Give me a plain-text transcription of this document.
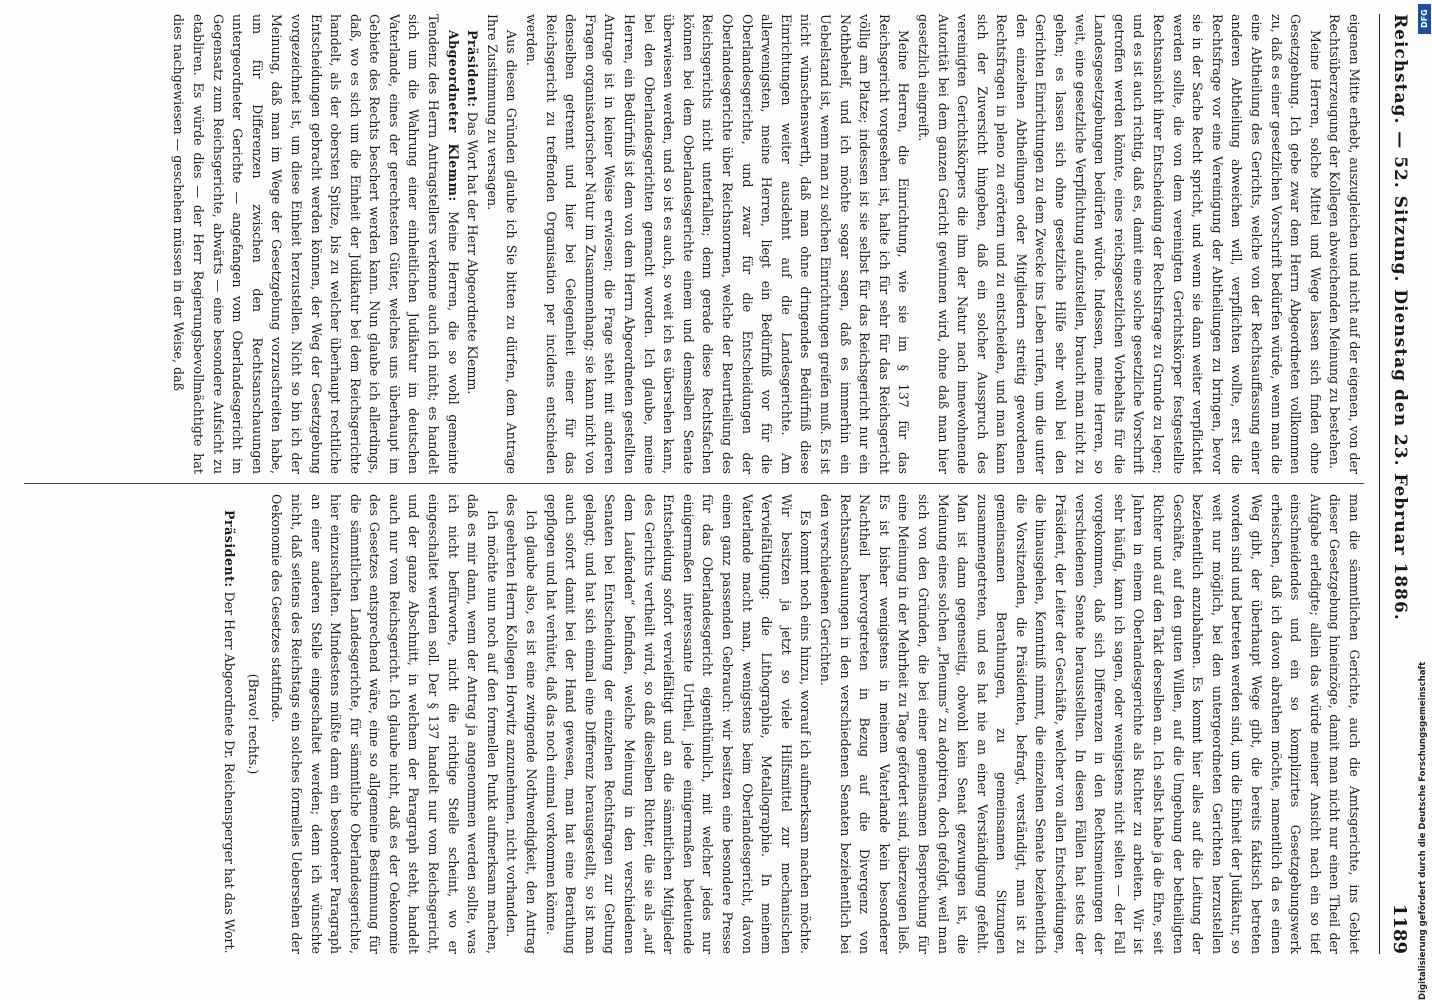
Reichstag. — 52. Sitzung. Dienstag den 23. Februar 1886.
1189

eigenen Mitte erhebt, auszugleichen und nicht auf der eigenen, von der Rechtsüberzeugung der Kollegen abweichenden Meinung zu bestehen.

Meine Herren, solche Mittel und Wege lassen sich finden ohne Gesetzgebung. Ich gebe zwar dem Herrn Abgeordneten vollkommen zu, daß es einer gesetzlichen Vorschrift bedürfen würde, wenn man die eine Abtheilung des Gerichts, welche von der Rechtsauffassung einer anderen Abtheilung abweichen will, verpflichten wollte, erst die Rechtsfrage vor eine Vereinigung der Abtheilungen zu bringen, bevor sie in der Sache Recht spricht, und wenn sie dann weiter verpflichtet werden sollte, die von dem vereinigten Gerichtskörper festgestellte Rechtsansicht ihrer Entscheidung der Rechtsfrage zu Grunde zu legen; und es ist auch richtig, daß es, damit eine solche gesetzliche Vorschrift getroffen werden könnte, eines reichsgesetzlichen Vorbehalts für die Landesgesetzgebungen bedürfen würde. Indessen, meine Herren, so weit, eine gesetzliche Verpflichtung aufzustellen, braucht man nicht zu gehen; es lassen sich ohne gesetzliche Hilfe sehr wohl bei den Gerichten Einrichtungen zu dem Zwecke ins Leben rufen, um die unter den einzelnen Abtheilungen oder Mitgliedern streitig gewordenen Rechtsfragen in pleno zu erörtern und zu entscheiden, und man kann sich der Zuversicht hingeben, daß ein solcher Ausspruch des vereinigten Gerichtskörpers die ihm der Natur nach innewohnende Autorität bei dem ganzen Gericht gewinnen wird, ohne daß man hier gesetzlich eingreift.

Meine Herren, die Einrichtung, wie sie im § 137 für das Reichsgericht vorgesehen ist, halte ich für sehr für das Reichsgericht völlig am Platze; indessen ist sie selbst für das Reichsgericht nur ein Nothbehelf, und ich möchte sogar sagen, daß es immerhin ein Uebelstand ist, wenn man zu solchen Einrichtungen greifen muß. Es ist nicht wünschenswerth, daß man ohne dringendes Bedürfniß diese Einrichtungen weiter ausdehnt auf die Landesgerichte. Am allerwenigsten, meine Herren, liegt ein Bedürfniß vor für die Oberlandesgerichte, und zwar für die Entscheidungen der Oberlandesgerichte über Reichsnormen, welche der Beurtheilung des Reichsgerichts nicht unterfallen; denn gerade diese Rechtsfachen können bei dem Oberlandesgerichte einem und demselben Senate überwiesen werden, und so ist es auch, so weit ich es übersehen kann, bei den Oberlandesgerichten gemacht worden. Ich glaube, meine Herren, ein Bedürfniß ist dem von dem Herrn Abgeordneten gestellten Antrage ist in keiner Weise erwiesen; die Frage steht mit anderen Fragen organisatorischer Natur im Zusammenhang; sie kann nicht von denselben getrennt und hier bei Gelegenheit einer für das Reichsgericht zu treffenden Organisation per incidens entschieden werden.

Aus diesen Gründen glaube ich Sie bitten zu dürfen, dem Antrage Ihre Zustimmung zu versagen.

Präsident: Das Wort hat der Herr Abgeordnete Klemm.

Abgeordneter Klemm: Meine Herren, die so wohl gemeinte Tendenz des Herrn Antragstellers verkenne auch ich nicht; es handelt sich um die Wahrung einer einheitlichen Judikatur im deutschen Vaterlande, eines der gerechtesten Güter, welches uns überhaupt im Gebiete des Rechts beschert werden kann. Nun glaube ich allerdings, daß, wo es sich um die Einheit der Judikatur bei dem Reichsgerichte handelt, als der obersten Spitze, bis zu welcher überhaupt rechtliche Entscheidungen gebracht werden können, der Weg der Gesetzgebung vorgezeichnet ist, um diese Einheit herzustellen. Nicht so bin ich der Meinung, daß man im Wege der Gesetzgebung vorzuschreiten habe, um für Differenzen zwischen den Rechtsanschauungen untergeordneter Gerichte — angefangen vom Oberlandesgericht im Gegensatz zum Reichsgerichte, abwärts — eine besondere Aufsicht zu etabliren. Es würde dies — der Herr Regierungsbevollmächtigte hat dies nachgewiesen — geschehen müssen in der Weise, daß

man die sämmtlichen Gerichte, auch die Amtsgerichte, ins Gebiet dieser Gesetzgebung hineinzöge, damit man nicht nur einen Theil der Aufgabe erledigte; allein das würde meiner Ansicht nach ein so tief einschneidendes und ein so komplizirtes Gesetzgebungswerk erheischen, daß ich davon abrathen möchte, namentlich da es einen Weg gibt, der überhaupt Wege gibt, die bereits faktisch betreten worden sind und betreten werden sind, um die Einheit der Judikatur, so weit nur möglich, bei den untergeordneten Gerichten herzustellen beziehentlich anzubahnen. Es kommt hier alles auf die Leitung der Geschäfte, auf den guten Willen, auf die Umgebung der betheiligten Richter und auf den Takt derselben an. Ich selbst habe ja die Ehre, seit Jahren in einem Oberlandesgerichte als Richter zu arbeiten. Wir ist sehr häufig, kann ich sagen, oder wenigstens nicht selten — der Fall vorgekommen, daß sich Differenzen in den Rechtsmeinungen der verschiedenen Senate herausstellten. In diesen Fällen hat stets der Präsident, der Leiter der Geschäfte, welcher von allen Entscheidungen, die hinausgehen, Kenntniß nimmt, die einzelnen Senate beziehentlich die Vorsitzenden, die Präsidenten, befragt, verständigt, man ist zu gemeinsamen Berathungen, zu gemeinsamen Sitzungen zusammengetreten, und es hat nie an einer Verständigung gefehlt. Man ist dann gegenseitig, obwohl kein Senat gezwungen ist, die Meinung eines solchen „Plenums“ zu adoptiren, doch gefolgt, weil man sich von den Gründen, die bei einer gemeinsamen Besprechung für eine Meinung in der Mehrheit zu Tage gefördert sind, überzeugen ließ. Es ist bisher wenigstens in meinem Vaterlande kein besonderer Nachtheil hervorgetreten in Bezug auf die Divergenz von Rechtsanschauungen in den verschiedenen Senaten beziehentlich bei den verschiedenen Gerichten.

Es kommt noch eins hinzu, worauf ich aufmerksam machen möchte. Wir besitzen ja jetzt so viele Hilfsmittel zur mechanischen Vervielfältigung: die Lithographie, Metallographie. In meinem Vaterlande macht man, wenigstens beim Oberlandesgericht, davon einen ganz passenden Gebrauch: wir besitzen eine besondere Presse für das Oberlandesgericht eigenthümlich, mit welcher jedes nur einigermaßen interessante Urtheil, jede einigermaßen bedeutende Entscheidung sofort vervielfältigt und an die sämmtlichen Mitglieder des Gerichts vertheilt wird, so daß dieselben Richter, die sie als „auf dem Laufenden“ befinden, welche Meinung in den verschiedenen Senaten bei Entscheidung der einzelnen Rechtsfragen zur Geltung gelangt; und hat sich einmal eine Differenz herausgestellt, so ist man auch sofort damit bei der Hand gewesen, man hat eine Berathung gepflogen und hat verhütet, daß das noch einmal vorkommen könne.

Ich glaube also, es ist eine zwingende Nothwendigkeit, den Antrag des geehrten Herrn Kollegen Horwitz anzunehmen, nicht vorhanden.

Ich möchte nun noch auf den formellen Punkt aufmerksam machen, daß es mir dann, wenn der Antrag ja angenommen werden sollte, was ich nicht befürworte, nicht die richtige Stelle scheint, wo er eingeschaltet werden soll. Der § 137 handelt nur vom Reichsgericht, und der ganze Abschnitt, in welchem der Paragraph steht, handelt auch nur vom Reichsgericht. Ich glaube nicht, daß es der Oekonomie des Gesetzes entsprechend wäre, eine so allgemeine Bestimmung für die sämmtlichen Landesgerichte, für sämmtliche Oberlandesgerichte, hier einzuschalten. Mindestens müßte dann ein besonderer Paragraph an einer anderen Stelle eingeschaltet werden; denn ich wünschte nicht, daß seitens des Reichstags ein solches formelles Uebersehen der Oekonomie des Gesetzes stattfinde.

(Bravo! rechts.)

Präsident: Der Herr Abgeordnete Dr. Reichensperger hat das Wort.

DFG
Digitalisierung gefördert durch die Deutsche Forschungsgemeinschaft
